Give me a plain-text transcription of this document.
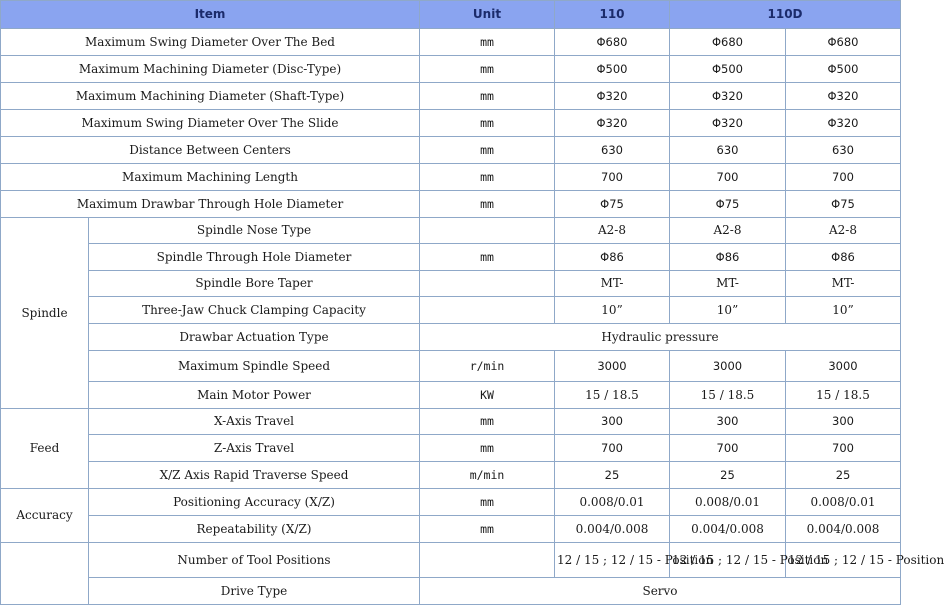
Item		Unit	110	110D	
Maximum Swing Diameter Over The Bed		mm	Φ680	Φ680	Φ680
Maximum Machining Diameter (Disc-Type)		mm	Φ500	Φ500	Φ500
Maximum Machining Diameter (Shaft-Type)		mm	Φ320	Φ320	Φ320
Maximum Swing Diameter Over The Slide		mm	Φ320	Φ320	Φ320
Distance Between Centers		mm	630	630	630
Maximum Machining Length		mm	700	700	700
Maximum Drawbar Through Hole Diameter		mm	Φ75	Φ75	Φ75
Spindle	Spindle Nose Type		A2-8	A2-8	A2-8
	Spindle Through Hole Diameter	mm	Φ86	Φ86	Φ86
	Spindle Bore Taper		MT-	MT-	MT-
	Three-Jaw Chuck Clamping Capacity		10”	10”	10”
	Drawbar Actuation Type	Hydraulic pressure			
	Maximum Spindle Speed	r/min	3000	3000	3000
	Main Motor Power	KW	15 / 18.5	15 / 18.5	15 / 18.5
Feed	X-Axis Travel	mm	300	300	300
	Z-Axis Travel	mm	700	700	700
	X/Z Axis Rapid Traverse Speed	m/min	25	25	25
Accuracy	Positioning Accuracy (X/Z)	mm	0.008/0.01	0.008/0.01	0.008/0.01
	Repeatability (X/Z)	mm	0.004/0.008	0.004/0.008	0.004/0.008
	Number of Tool Positions		12 / 15 ; 12 / 15 - Position	12 / 15 ; 12 / 15 - Position	12 / 15 ; 12 / 15 - Position
	Drive Type	Servo			
